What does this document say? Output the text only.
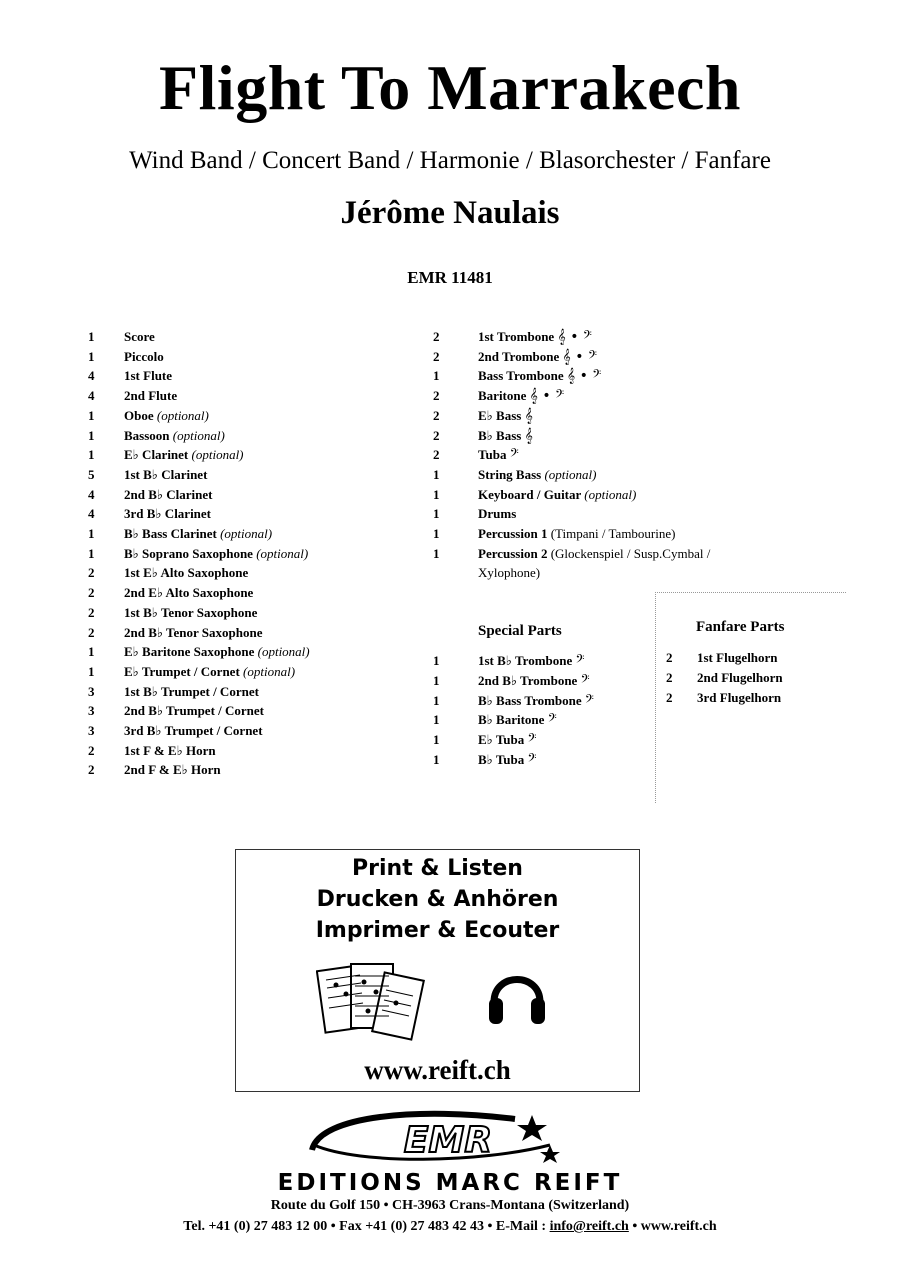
Flight To Marrakech
Wind Band / Concert Band / Harmonie / Blasorchester / Fanfare
Jérôme Naulais
EMR 11481
1 Score
1 Piccolo
4 1st Flute
4 2nd Flute
1 Oboe (optional)
1 Bassoon (optional)
1 E♭ Clarinet (optional)
5 1st B♭ Clarinet
4 2nd B♭ Clarinet
4 3rd B♭ Clarinet
1 B♭ Bass Clarinet (optional)
1 B♭ Soprano Saxophone (optional)
2 1st E♭ Alto Saxophone
2 2nd E♭ Alto Saxophone
2 1st B♭ Tenor Saxophone
2 2nd B♭ Tenor Saxophone
1 E♭ Baritone Saxophone (optional)
1 E♭ Trumpet / Cornet (optional)
3 1st B♭ Trumpet / Cornet
3 2nd B♭ Trumpet / Cornet
3 3rd B♭ Trumpet / Cornet
2 1st F & E♭ Horn
2 2nd F & E♭ Horn
2	1st Trombone 𝄞 • 𝄢
2	2nd Trombone 𝄞 • 𝄢
1	Bass Trombone 𝄞 • 𝄢
2	Baritone 𝄞 • 𝄢
2	E♭ Bass 𝄞
2	B♭ Bass 𝄞
2	Tuba 𝄢
1	String Bass (optional)
1	Keyboard / Guitar (optional)
1	Drums
1	Percussion 1 (Timpani / Tambourine)
1	Percussion 2 (Glockenspiel / Susp.Cymbal /
Xylophone)
Special Parts
1	1st B♭ Trombone 𝄢
1	2nd B♭ Trombone 𝄢
1	B♭ Bass Trombone 𝄢
1	B♭ Baritone 𝄢
1	E♭ Tuba 𝄢
1	B♭ Tuba 𝄢
Fanfare Parts
2 1st Flugelhorn
2 2nd Flugelhorn
2 3rd Flugelhorn
Print & Listen
Drucken & Anhören
Imprimer & Ecouter
www.reift.ch
EMR
EDITIONS MARC REIFT
Route du Golf 150 • CH-3963 Crans-Montana (Switzerland)
Tel. +41 (0) 27 483 12 00 • Fax +41 (0) 27 483 42 43 • E-Mail : info@reift.ch • www.reift.ch
